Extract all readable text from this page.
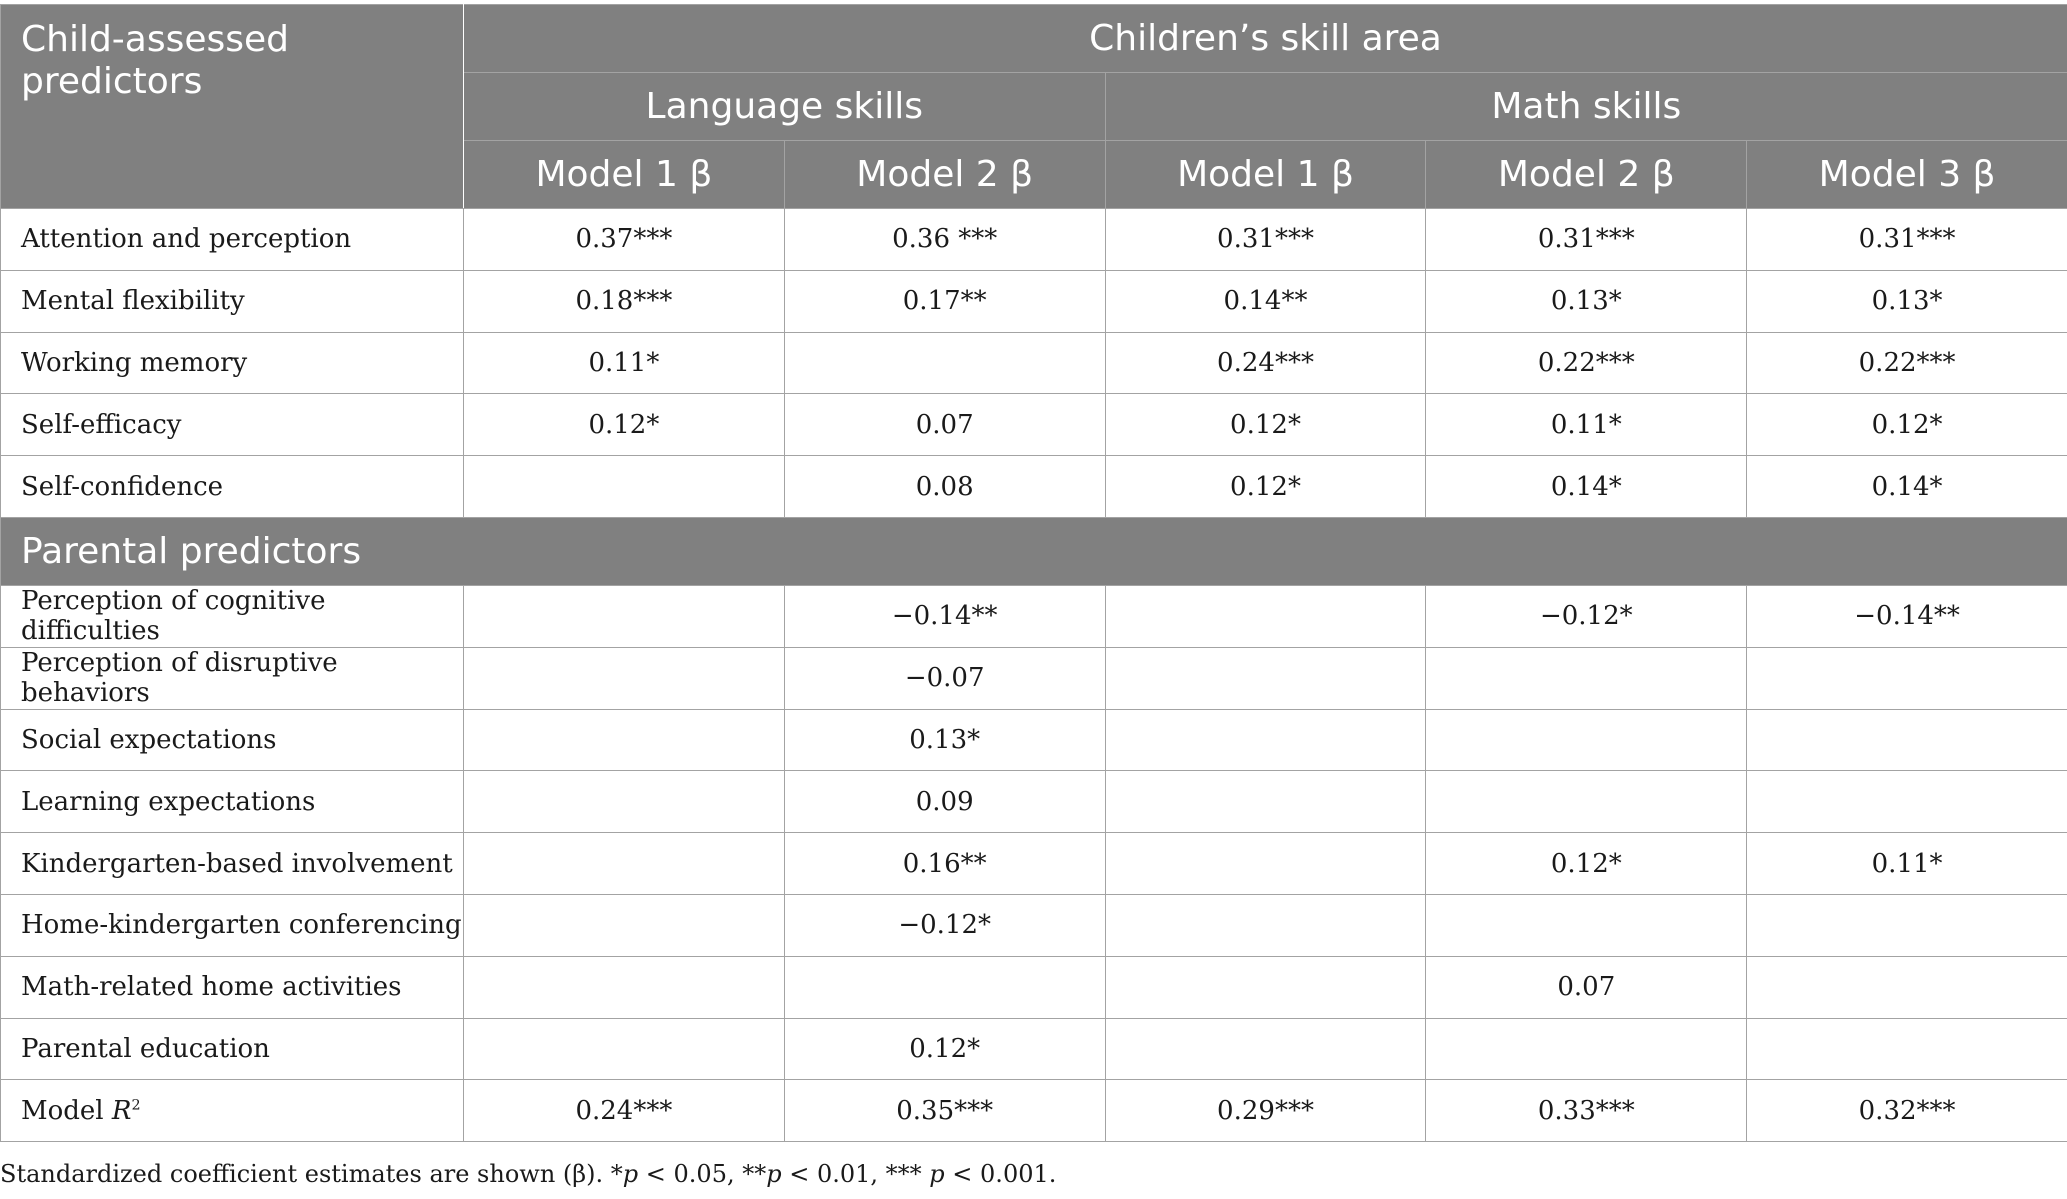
Child-assessed predictors	Children’s skill area				
	Language skills		Math skills		
	Model 1 β	Model 2 β	Model 1 β	Model 2 β	Model 3 β
Attention and perception	0.37***	0.36 ***	0.31***	0.31***	0.31***
Mental flexibility	0.18***	0.17**	0.14**	0.13*	0.13*
Working memory	0.11*		0.24***	0.22***	0.22***
Self-efficacy	0.12*	0.07	0.12*	0.11*	0.12*
Self-confidence		0.08	0.12*	0.14*	0.14*
Parental predictors					
Perception of cognitive difficulties		−0.14**		−0.12*	−0.14**
Perception of disruptive behaviors		−0.07			
Social expectations		0.13*			
Learning expectations		0.09			
Kindergarten-based involvement		0.16**		0.12*	0.11*
Home-kindergarten conferencing		−0.12*			
Math-related home activities				0.07	
Parental education		0.12*			
Model $R^2$	0.24***	0.35***	0.29***	0.33***	0.32***
Standardized coefficient estimates are shown (β). *p < 0.05, **p < 0.01, *** p < 0.001.
